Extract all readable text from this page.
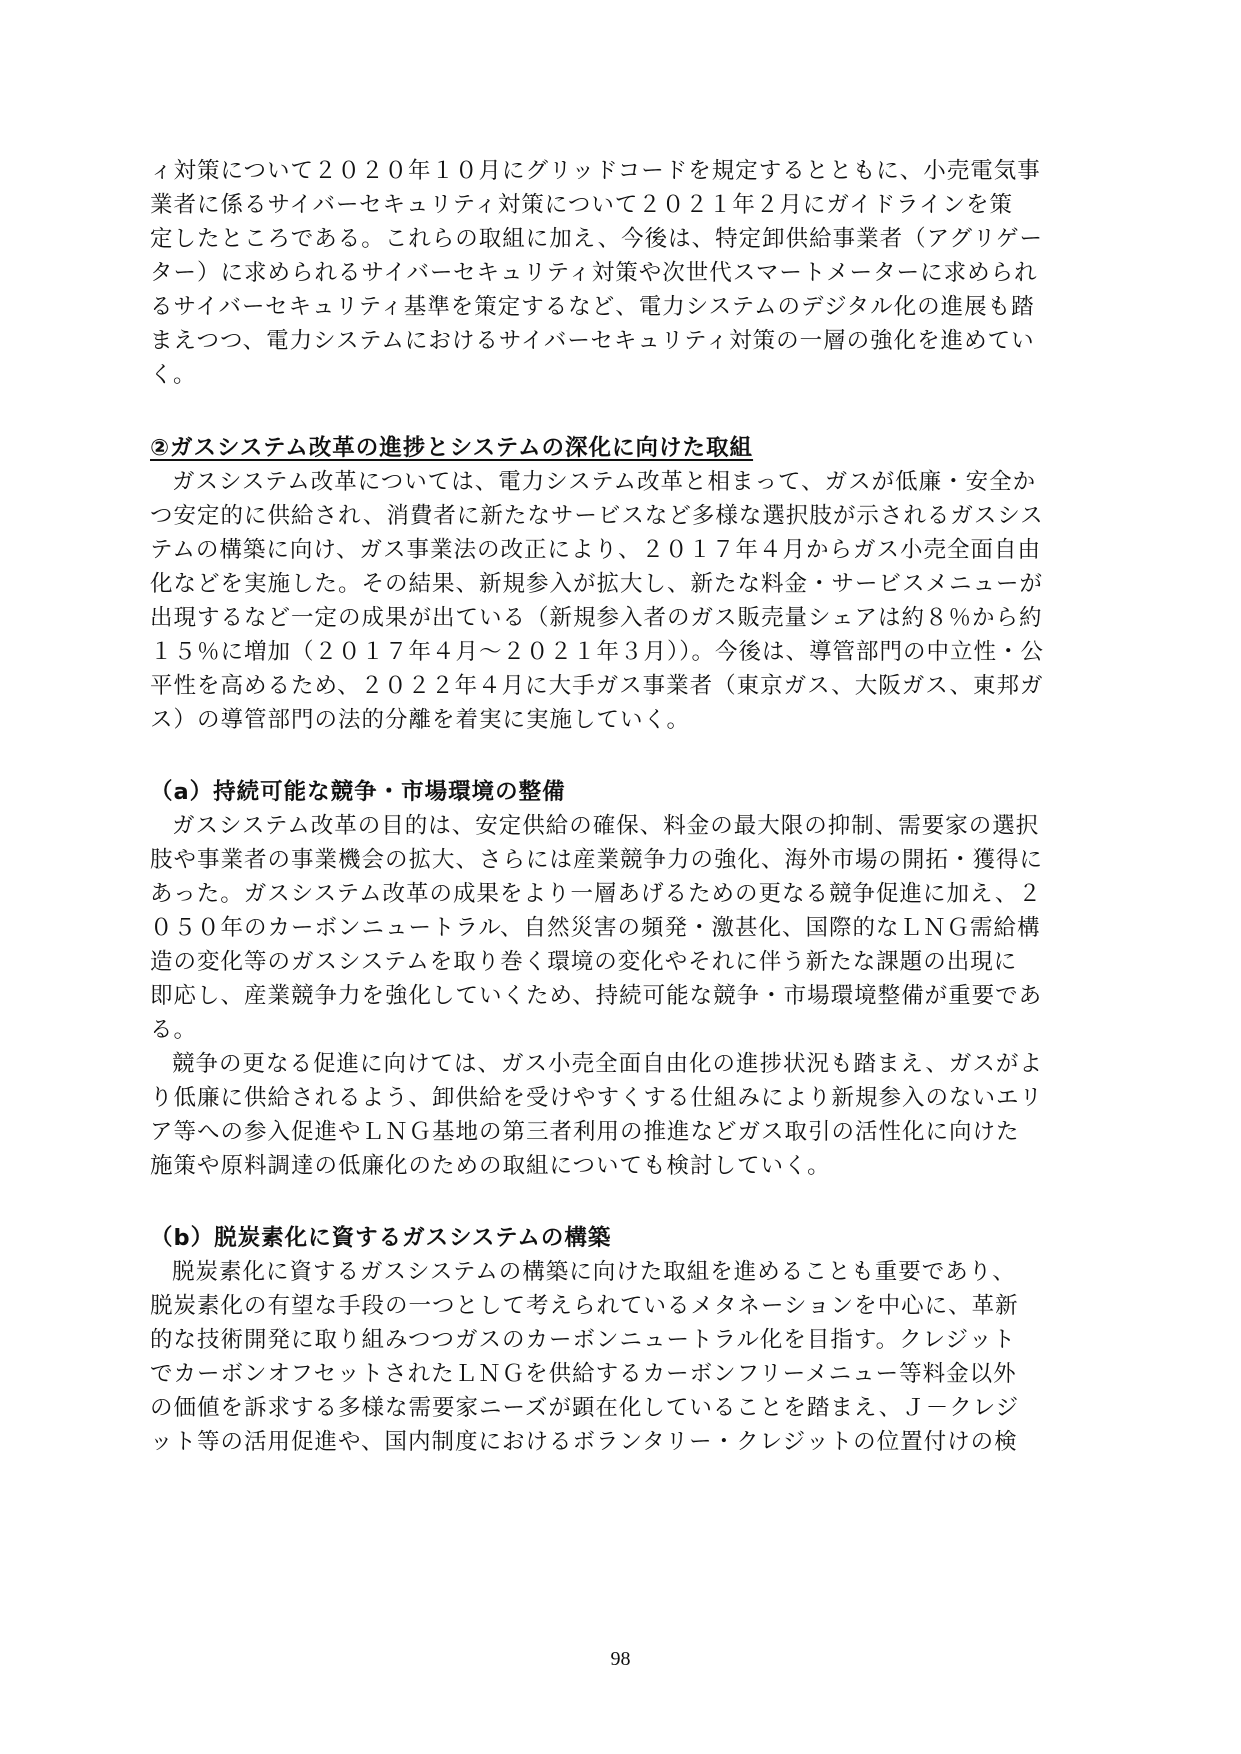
ィ対策について２０２０年１０月にグリッドコードを規定するとともに、小売電気事
業者に係るサイバーセキュリティ対策について２０２１年２月にガイドラインを策
定したところである。これらの取組に加え、今後は、特定卸供給事業者（アグリゲー
ター）に求められるサイバーセキュリティ対策や次世代スマートメーターに求められ
るサイバーセキュリティ基準を策定するなど、電力システムのデジタル化の進展も踏
まえつつ、電力システムにおけるサイバーセキュリティ対策の一層の強化を進めてい
く。
②ガスシステム改革の進捗とシステムの深化に向けた取組
ガスシステム改革については、電力システム改革と相まって、ガスが低廉・安全か
つ安定的に供給され、消費者に新たなサービスなど多様な選択肢が示されるガスシス
テムの構築に向け、ガス事業法の改正により、２０１７年４月からガス小売全面自由
化などを実施した。その結果、新規参入が拡大し、新たな料金・サービスメニューが
出現するなど一定の成果が出ている（新規参入者のガス販売量シェアは約８％から約
１５％に増加（２０１７年４月～２０２１年３月））。今後は、導管部門の中立性・公
平性を高めるため、２０２２年４月に大手ガス事業者（東京ガス、大阪ガス、東邦ガ
ス）の導管部門の法的分離を着実に実施していく。
（a）持続可能な競争・市場環境の整備
ガスシステム改革の目的は、安定供給の確保、料金の最大限の抑制、需要家の選択
肢や事業者の事業機会の拡大、さらには産業競争力の強化、海外市場の開拓・獲得に
あった。ガスシステム改革の成果をより一層あげるための更なる競争促進に加え、２
０５０年のカーボンニュートラル、自然災害の頻発・激甚化、国際的なＬＮＧ需給構
造の変化等のガスシステムを取り巻く環境の変化やそれに伴う新たな課題の出現に
即応し、産業競争力を強化していくため、持続可能な競争・市場環境整備が重要であ
る。
競争の更なる促進に向けては、ガス小売全面自由化の進捗状況も踏まえ、ガスがよ
り低廉に供給されるよう、卸供給を受けやすくする仕組みにより新規参入のないエリ
ア等への参入促進やＬＮＧ基地の第三者利用の推進などガス取引の活性化に向けた
施策や原料調達の低廉化のための取組についても検討していく。
（b）脱炭素化に資するガスシステムの構築
脱炭素化に資するガスシステムの構築に向けた取組を進めることも重要であり、
脱炭素化の有望な手段の一つとして考えられているメタネーションを中心に、革新
的な技術開発に取り組みつつガスのカーボンニュートラル化を目指す。クレジット
でカーボンオフセットされたＬＮＧを供給するカーボンフリーメニュー等料金以外
の価値を訴求する多様な需要家ニーズが顕在化していることを踏まえ、Ｊ－クレジ
ット等の活用促進や、国内制度におけるボランタリー・クレジットの位置付けの検
98
